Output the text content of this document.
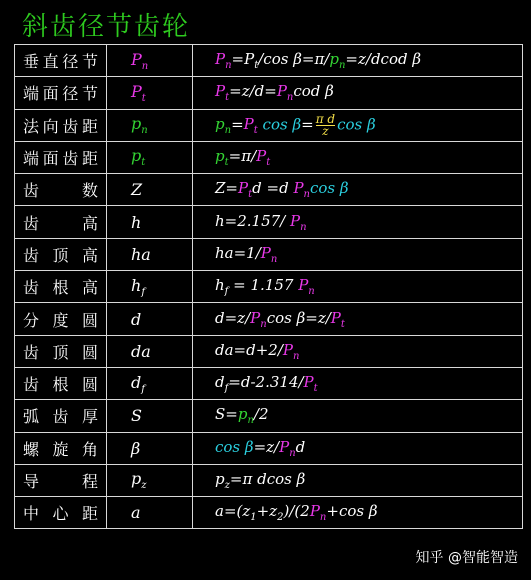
斜齿径节齿轮
垂直径节	$P_n$	$P_n=P_t/\cos$ $\beta=\pi/p_n=z$/dcod β
端面径节	$P_t$	$P_t=z/d=P_ncod$ β
法向齿距	$p_n$	$p_n=P_t$ $\cos \beta= \frac{\text{π d}}{z}$ cos β
端面齿距	$p_t$	$p_t=\pi/P_t$
齿数	Z	$Z=P_td =d$ $P_n\cos$ β
齿高	h	h=2.157/ $P_n$
齿顶高	ha	$ha=1/P_n$
齿根高	$h_f$	$h_f = 1.157$ $P_n$
分度圆	d	$d=z/P_n\cos$ $\beta=z/P_t$
齿顶圆	da	$da=d+2/P_n$
齿根圆	$d_f$	$d_f=d-2.314/P_t$
弧齿厚	S	$S=p_n/2$
螺旋角	β	$\cos \beta=z/P_nd$
导程	$p_z$	$p_z=\pi$ dcos β
中心距	a	$a=(z_1+z_2)/(2P_n+\cos$ β
知乎 @智能智造
